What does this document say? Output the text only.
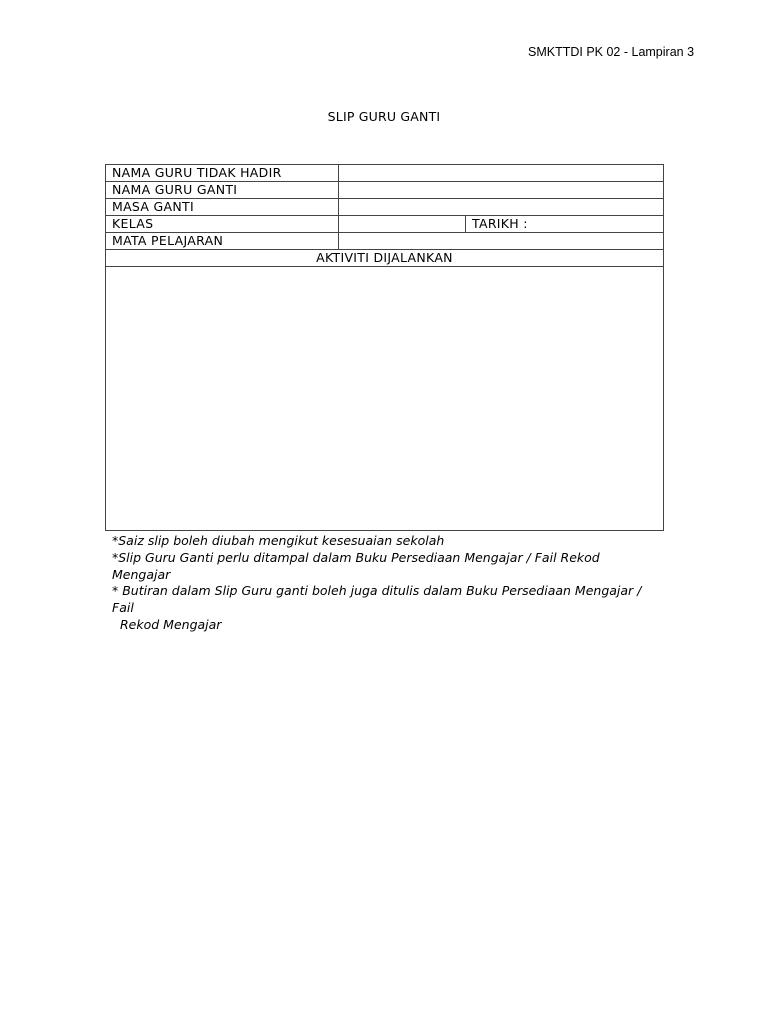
SMKTTDI PK 02 - Lampiran 3
SLIP GURU GANTI
NAMA GURU TIDAK HADIR		
NAMA GURU GANTI		
MASA GANTI		
KELAS		TARIKH :
MATA PELAJARAN		
AKTIVITI DIJALANKAN		

*Saiz slip boleh diubah mengikut kesesuaian sekolah

*Slip Guru Ganti perlu ditampal dalam Buku Persediaan Mengajar / Fail Rekod Mengajar

* Butiran dalam Slip Guru ganti boleh juga ditulis dalam Buku Persediaan Mengajar / Fail

Rekod Mengajar
